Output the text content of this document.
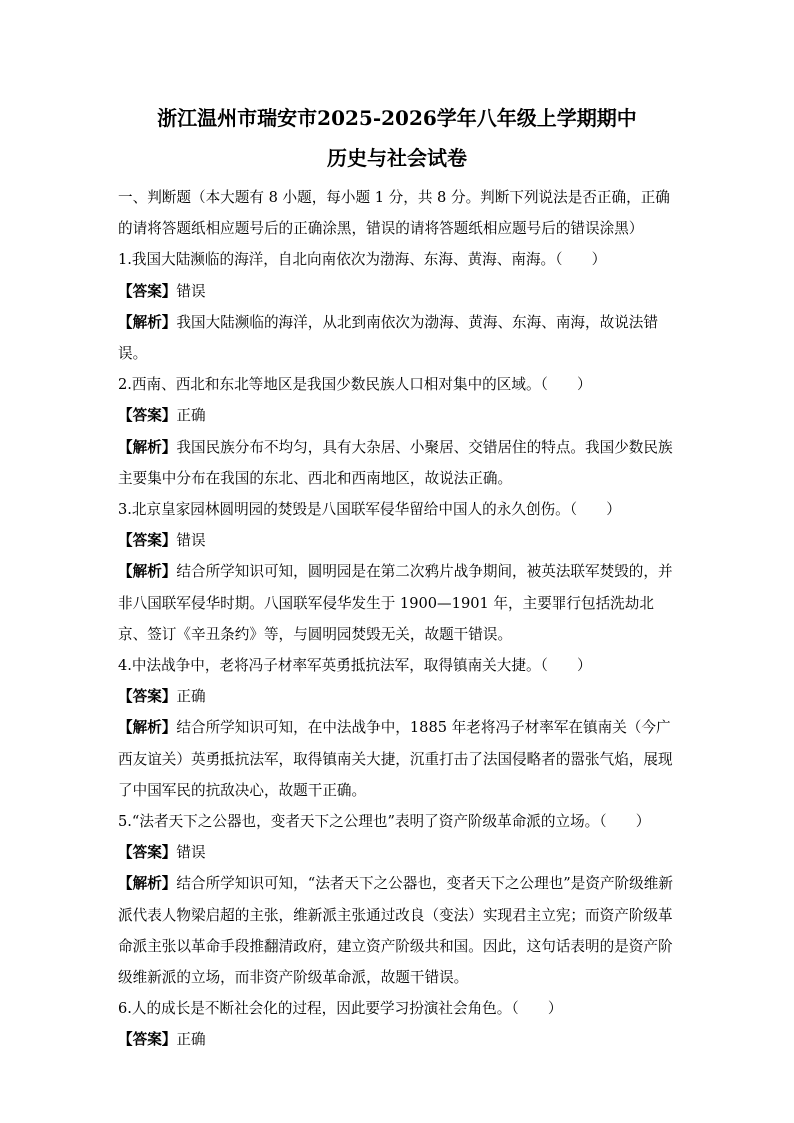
浙江温州市瑞安市2025-2026学年八年级上学期期中
历史与社会试卷

一、判断题（本大题有 8 小题，每小题 1 分，共 8 分。判断下列说法是否正确，正确的请将答题纸相应题号后的正确涂黑，错误的请将答题纸相应题号后的错误涂黑）

1.我国大陆濒临的海洋，自北向南依次为渤海、东海、黄海、南海。（　　）

【答案】错误

【解析】我国大陆濒临的海洋，从北到南依次为渤海、黄海、东海、南海，故说法错误。

2.西南、西北和东北等地区是我国少数民族人口相对集中的区域。（　　）

【答案】正确

【解析】我国民族分布不均匀，具有大杂居、小聚居、交错居住的特点。我国少数民族主要集中分布在我国的东北、西北和西南地区，故说法正确。

3.北京皇家园林圆明园的焚毁是八国联军侵华留给中国人的永久创伤。（　　）

【答案】错误

【解析】结合所学知识可知，圆明园是在第二次鸦片战争期间，被英法联军焚毁的，并非八国联军侵华时期。八国联军侵华发生于 1900—1901 年，主要罪行包括洗劫北京、签订《辛丑条约》等，与圆明园焚毁无关，故题干错误。

4.中法战争中，老将冯子材率军英勇抵抗法军，取得镇南关大捷。（　　）

【答案】正确

【解析】结合所学知识可知，在中法战争中，1885 年老将冯子材率军在镇南关（今广西友谊关）英勇抵抗法军，取得镇南关大捷，沉重打击了法国侵略者的嚣张气焰，展现了中国军民的抗敌决心，故题干正确。

5.“法者天下之公器也，变者天下之公理也”表明了资产阶级革命派的立场。（　　）

【答案】错误

【解析】结合所学知识可知，“法者天下之公器也，变者天下之公理也”是资产阶级维新派代表人物梁启超的主张，维新派主张通过改良（变法）实现君主立宪；而资产阶级革命派主张以革命手段推翻清政府，建立资产阶级共和国。因此，这句话表明的是资产阶级维新派的立场，而非资产阶级革命派，故题干错误。

6.人的成长是不断社会化的过程，因此要学习扮演社会角色。（　　）

【答案】正确
